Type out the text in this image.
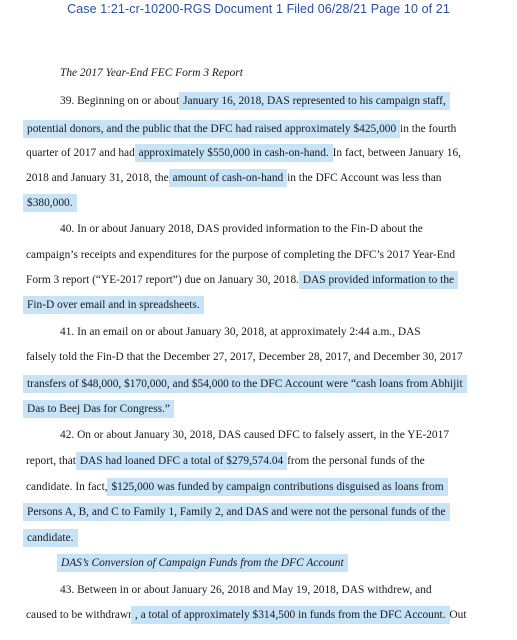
Case 1:21-cr-10200-RGS Document 1 Filed 06/28/21 Page 10 of 21
The 2017 Year-End FEC Form 3 Report
39. Beginning on or about January 16, 2018, DAS represented to his campaign staff,
potential donors, and the public that the DFC had raised approximately $425,000 in the fourth
quarter of 2017 and had approximately $550,000 in cash-on-hand. In fact, between January 16,
2018 and January 31, 2018, the amount of cash-on-hand in the DFC Account was less than
$380,000.
40. In or about January 2018, DAS provided information to the Fin-D about the
campaign’s receipts and expenditures for the purpose of completing the DFC’s 2017 Year-End
Form 3 report (“YE-2017 report”) due on January 30, 2018. DAS provided information to the
Fin-D over email and in spreadsheets.
41. In an email on or about January 30, 2018, at approximately 2:44 a.m., DAS
falsely told the Fin-D that the December 27, 2017, December 28, 2017, and December 30, 2017
transfers of $48,000, $170,000, and $54,000 to the DFC Account were “cash loans from Abhijit
Das to Beej Das for Congress.”
42. On or about January 30, 2018, DAS caused DFC to falsely assert, in the YE-2017
report, that DAS had loaned DFC a total of $279,574.04 from the personal funds of the
candidate. In fact, $125,000 was funded by campaign contributions disguised as loans from
Persons A, B, and C to Family 1, Family 2, and DAS and were not the personal funds of the
candidate.
DAS’s Conversion of Campaign Funds from the DFC Account
43. Between in or about January 26, 2018 and May 19, 2018, DAS withdrew, and
caused to be withdrawn, a total of approximately $314,500 in funds from the DFC Account. Out
